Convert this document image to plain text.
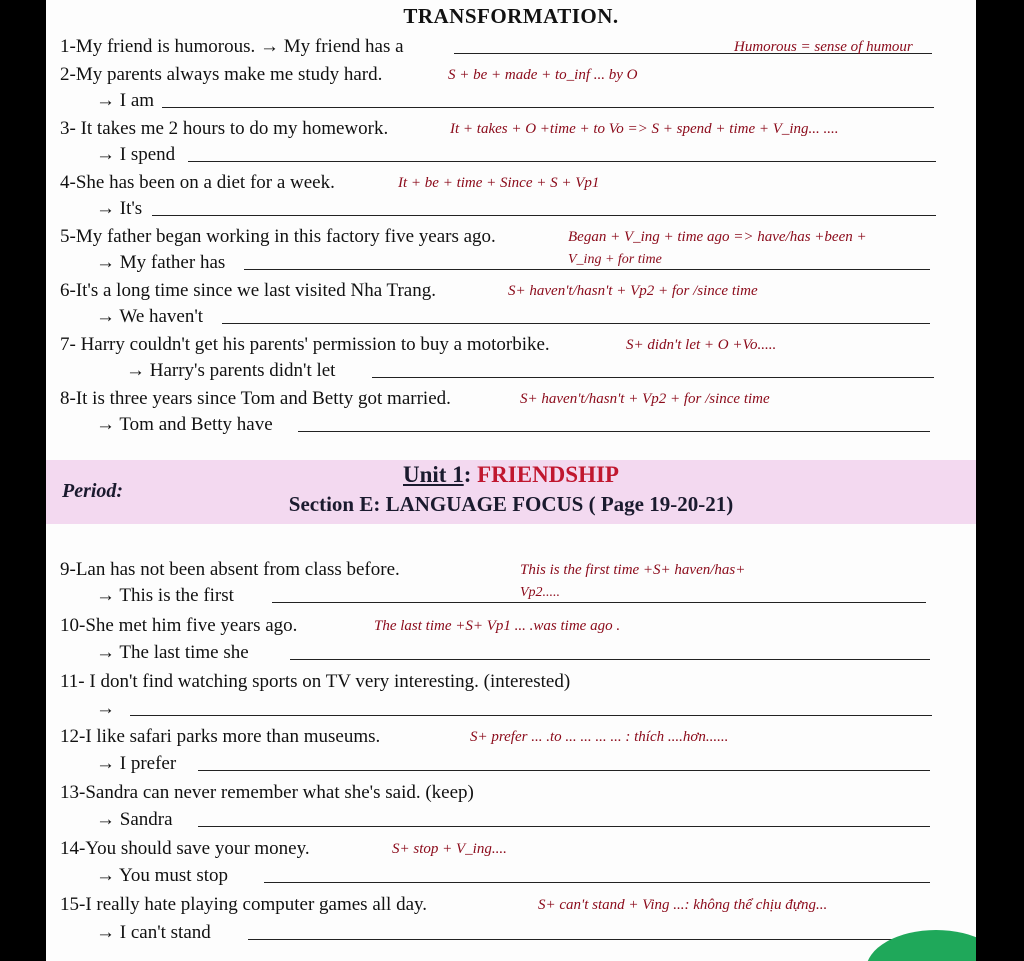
TRANSFORMATION.
1-My friend is humorous. → My friend has a	Humorous = sense of humour
2-My parents always make me study hard.	S + be + made + to_inf ... by O
→ I am
3- It takes me 2 hours to do my homework.	It + takes + O +time + to Vo => S + spend + time + V_ing... ....
→ I spend
4-She has been on a diet for a week.	It + be + time + Since + S + Vp1
→ It's
5-My father began working in this factory five years ago.	Began + V_ing + time ago => have/has +been +
→ My father has	V_ing + for time
6-It's a long time since we last visited Nha Trang.	S+ haven't/hasn't + Vp2 + for /since time
→ We haven't
7- Harry couldn't get his parents' permission to buy a motorbike.	S+ didn't let + O +Vo.....
→ Harry's parents didn't let
8-It is three years since Tom and Betty got married.	S+ haven't/hasn't + Vp2 + for /since time
→ Tom and Betty have
Period:
Unit 1: FRIENDSHIP
Section E: LANGUAGE FOCUS ( Page 19-20-21)
9-Lan has not been absent from class before.	This is the first time +S+ haven/has+
→ This is the first	Vp2.....
10-She met him five years ago.	The last time +S+ Vp1 ... .was time ago .
→ The last time she
11- I don't find watching sports on TV very interesting. (interested)
→
12-I like safari parks more than museums.	S+ prefer ... .to ... ... ... ... : thích ....hơn......
→ I prefer
13-Sandra can never remember what she's said. (keep)
→ Sandra
14-You should save your money.	S+ stop + V_ing....
→ You must stop
15-I really hate playing computer games all day.	S+ can't stand + Ving ...: không thể chịu đựng...
→ I can't stand
